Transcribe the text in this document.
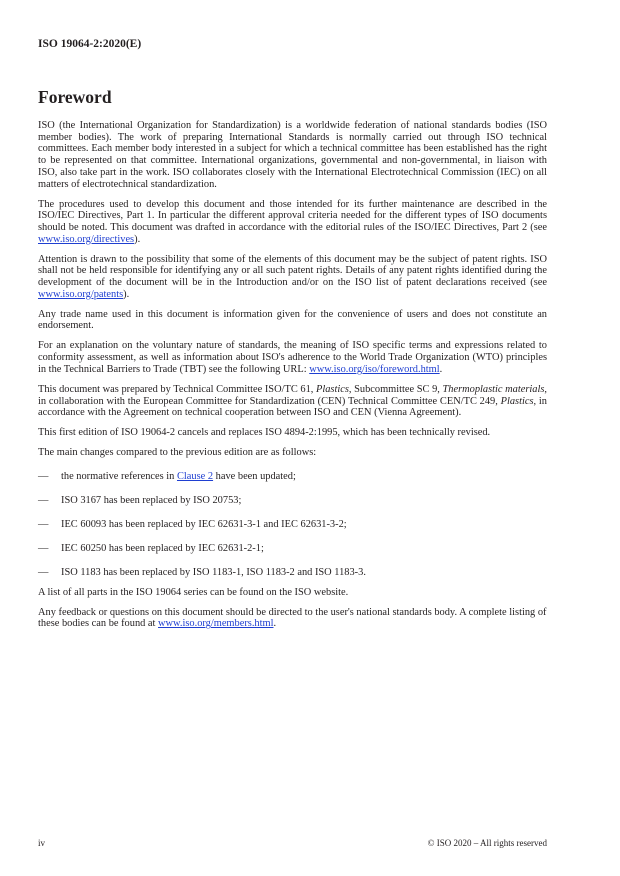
ISO 19064-2:2020(E)
Foreword

ISO (the International Organization for Standardization) is a worldwide federation of national standards bodies (ISO member bodies). The work of preparing International Standards is normally carried out through ISO technical committees. Each member body interested in a subject for which a technical committee has been established has the right to be represented on that committee. International organizations, governmental and non-governmental, in liaison with ISO, also take part in the work. ISO collaborates closely with the International Electrotechnical Commission (IEC) on all matters of electrotechnical standardization.

The procedures used to develop this document and those intended for its further maintenance are described in the ISO/IEC Directives, Part 1. In particular the different approval criteria needed for the different types of ISO documents should be noted. This document was drafted in accordance with the editorial rules of the ISO/IEC Directives, Part 2 (see www.iso.org/directives).

Attention is drawn to the possibility that some of the elements of this document may be the subject of patent rights. ISO shall not be held responsible for identifying any or all such patent rights. Details of any patent rights identified during the development of the document will be in the Introduction and/or on the ISO list of patent declarations received (see www.iso.org/patents).

Any trade name used in this document is information given for the convenience of users and does not constitute an endorsement.

For an explanation on the voluntary nature of standards, the meaning of ISO specific terms and expressions related to conformity assessment, as well as information about ISO's adherence to the World Trade Organization (WTO) principles in the Technical Barriers to Trade (TBT) see the following URL: www.iso.org/iso/foreword.html.

This document was prepared by Technical Committee ISO/TC 61, Plastics, Subcommittee SC 9, Thermoplastic materials, in collaboration with the European Committee for Standardization (CEN) Technical Committee CEN/TC 249, Plastics, in accordance with the Agreement on technical cooperation between ISO and CEN (Vienna Agreement).

This first edition of ISO 19064-2 cancels and replaces ISO 4894-2:1995, which has been technically revised.

The main changes compared to the previous edition are as follows:

—	the normative references in Clause 2 have been updated;
—	ISO 3167 has been replaced by ISO 20753;
—	IEC 60093 has been replaced by IEC 62631-3-1 and IEC 62631-3-2;
—	IEC 60250 has been replaced by IEC 62631-2-1;
—	ISO 1183 has been replaced by ISO 1183-1, ISO 1183-2 and ISO 1183-3.

A list of all parts in the ISO 19064 series can be found on the ISO website.

Any feedback or questions on this document should be directed to the user's national standards body. A complete listing of these bodies can be found at www.iso.org/members.html.

iv	© ISO 2020 – All rights reserved
